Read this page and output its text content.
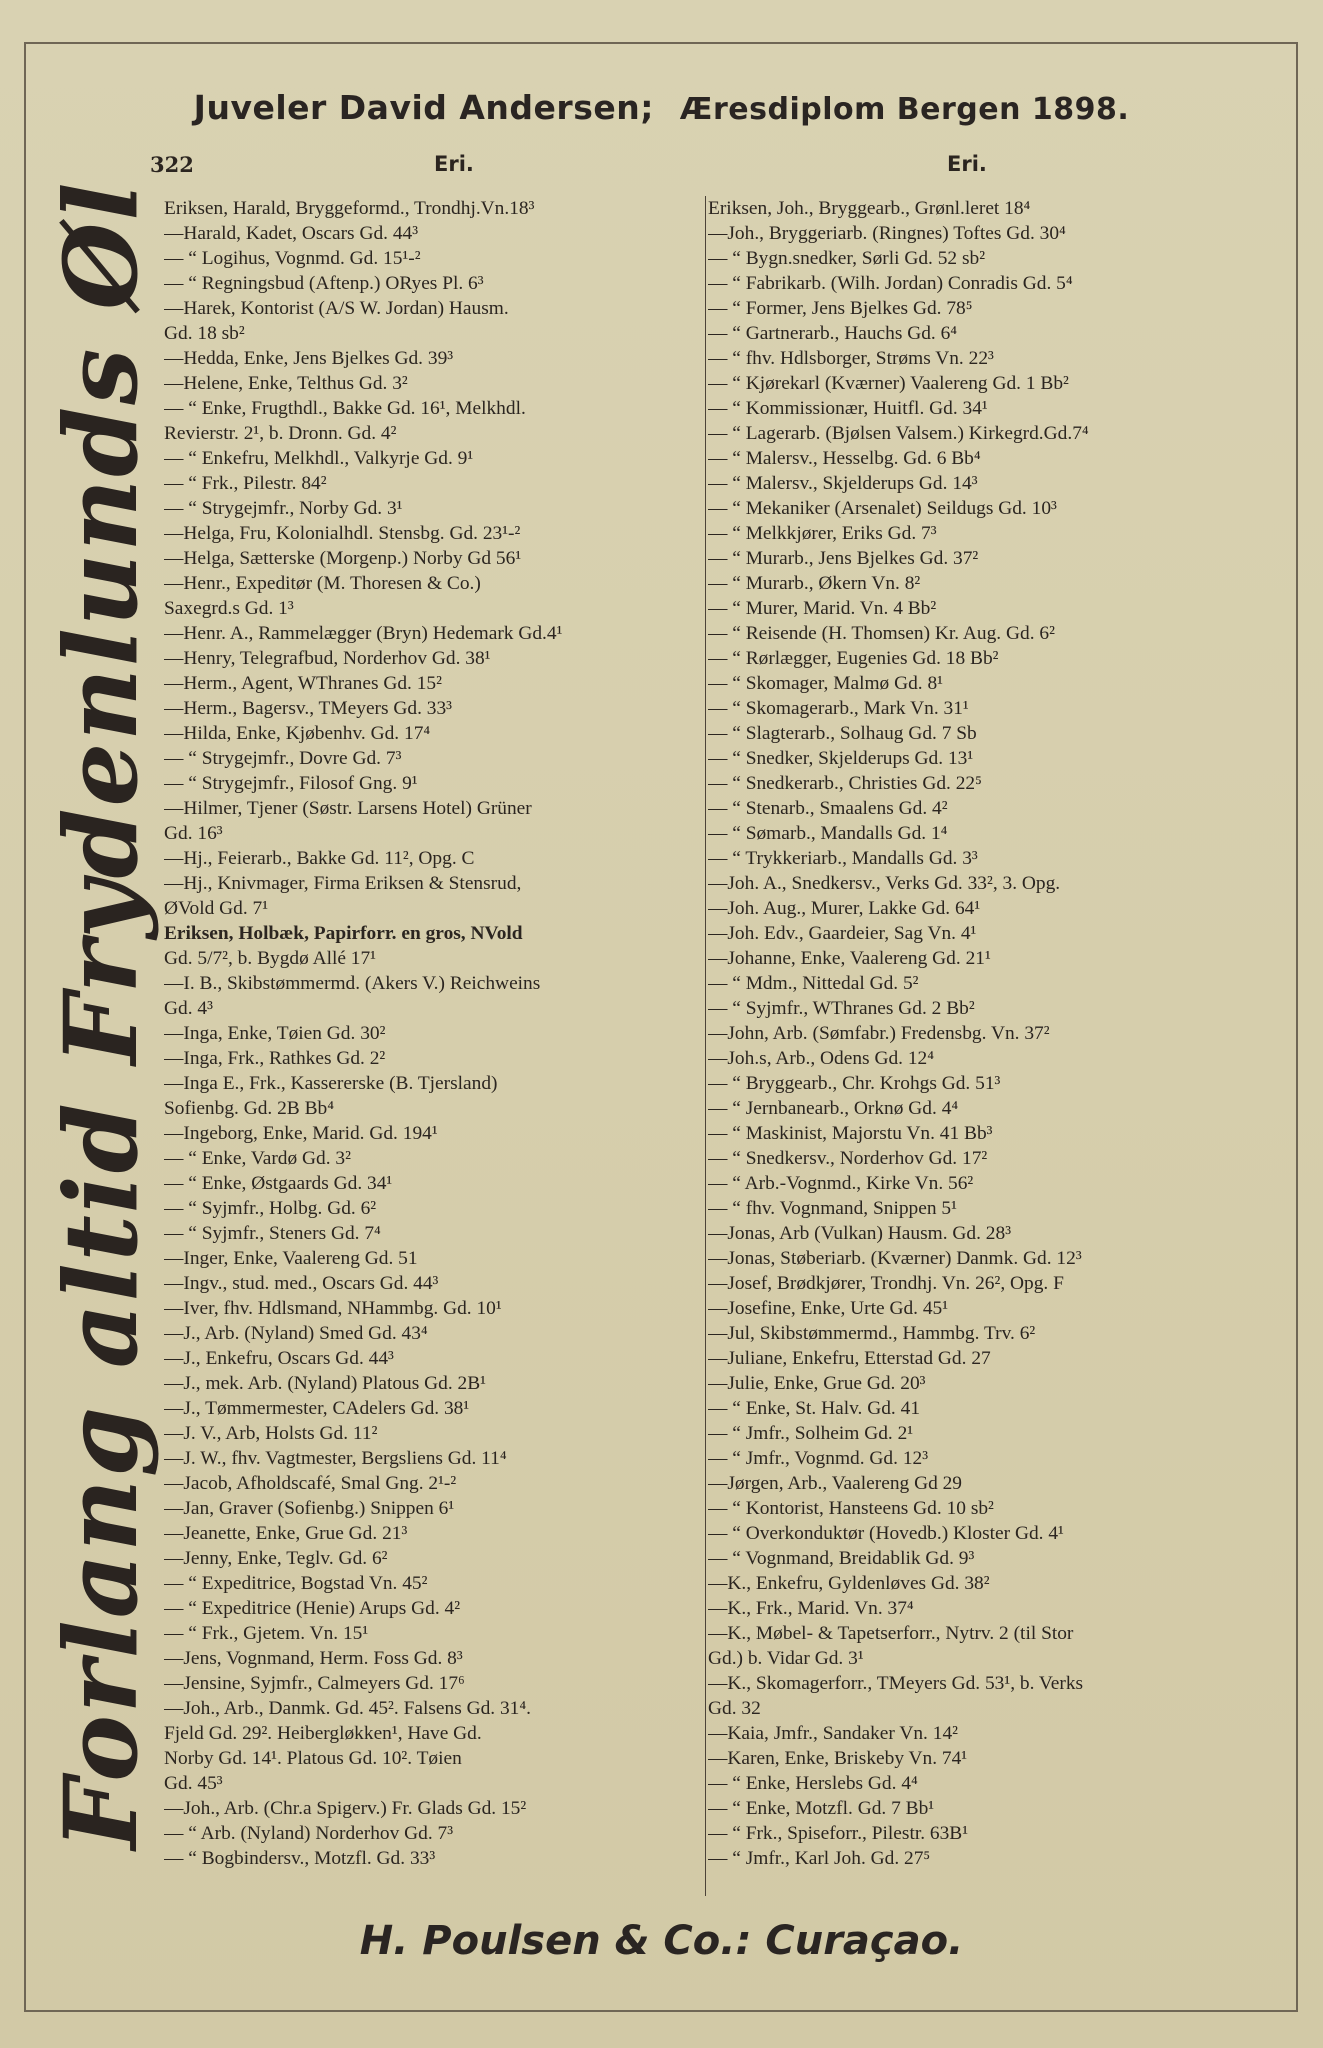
Juveler David Andersen; Æresdiplom Bergen 1898.
322	Eri.	Eri.
Forlang altid Frydenlunds Øl Eriksen, Harald, Bryggeformd., Trondhj.Vn.18³
—Harald, Kadet, Oscars Gd. 44³
— “ Logihus, Vognmd. Gd. 15¹-²
— “ Regningsbud (Aftenp.) ORyes Pl. 6³
—Harek, Kontorist (A/S W. Jordan) Hausm.
Gd. 18 sb²
—Hedda, Enke, Jens Bjelkes Gd. 39³
—Helene, Enke, Telthus Gd. 3²
— “ Enke, Frugthdl., Bakke Gd. 16¹, Melkhdl.
Revierstr. 2¹, b. Dronn. Gd. 4²
— “ Enkefru, Melkhdl., Valkyrje Gd. 9¹
— “ Frk., Pilestr. 84²
— “ Strygejmfr., Norby Gd. 3¹
—Helga, Fru, Kolonialhdl. Stensbg. Gd. 23¹-²
—Helga, Sætterske (Morgenp.) Norby Gd 56¹
—Henr., Expeditør (M. Thoresen & Co.)
Saxegrd.s Gd. 1³
—Henr. A., Rammelægger (Bryn) Hedemark Gd.4¹
—Henry, Telegrafbud, Norderhov Gd. 38¹
—Herm., Agent, WThranes Gd. 15²
—Herm., Bagersv., TMeyers Gd. 33³
—Hilda, Enke, Kjøbenhv. Gd. 17⁴
— “ Strygejmfr., Dovre Gd. 7³
— “ Strygejmfr., Filosof Gng. 9¹
—Hilmer, Tjener (Søstr. Larsens Hotel) Grüner
Gd. 16³
—Hj., Feierarb., Bakke Gd. 11², Opg. C
—Hj., Knivmager, Firma Eriksen & Stensrud,
ØVold Gd. 7¹
Eriksen, Holbæk, Papirforr. en gros, NVold
Gd. 5/7², b. Bygdø Allé 17¹
—I. B., Skibstømmermd. (Akers V.) Reichweins
Gd. 4³
—Inga, Enke, Tøien Gd. 30²
—Inga, Frk., Rathkes Gd. 2²
—Inga E., Frk., Kassererske (B. Tjersland)
Sofienbg. Gd. 2B Bb⁴
—Ingeborg, Enke, Marid. Gd. 194¹
— “ Enke, Vardø Gd. 3²
— “ Enke, Østgaards Gd. 34¹
— “ Syjmfr., Holbg. Gd. 6²
— “ Syjmfr., Steners Gd. 7⁴
—Inger, Enke, Vaalereng Gd. 51
—Ingv., stud. med., Oscars Gd. 44³
—Iver, fhv. Hdlsmand, NHammbg. Gd. 10¹
—J., Arb. (Nyland) Smed Gd. 43⁴
—J., Enkefru, Oscars Gd. 44³
—J., mek. Arb. (Nyland) Platous Gd. 2B¹
—J., Tømmermester, CAdelers Gd. 38¹
—J. V., Arb, Holsts Gd. 11²
—J. W., fhv. Vagtmester, Bergsliens Gd. 11⁴
—Jacob, Afholdscafé, Smal Gng. 2¹-²
—Jan, Graver (Sofienbg.) Snippen 6¹
—Jeanette, Enke, Grue Gd. 21³
—Jenny, Enke, Teglv. Gd. 6²
— “ Expeditrice, Bogstad Vn. 45²
— “ Expeditrice (Henie) Arups Gd. 4²
— “ Frk., Gjetem. Vn. 15¹
—Jens, Vognmand, Herm. Foss Gd. 8³
—Jensine, Syjmfr., Calmeyers Gd. 17⁶
—Joh., Arb., Danmk. Gd. 45². Falsens Gd. 31⁴.
Fjeld Gd. 29². Heibergløkken¹, Have Gd.
Norby Gd. 14¹. Platous Gd. 10². Tøien
Gd. 45³
—Joh., Arb. (Chr.a Spigerv.) Fr. Glads Gd. 15²
— “ Arb. (Nyland) Norderhov Gd. 7³
— “ Bogbindersv., Motzfl. Gd. 33³
Eriksen, Joh., Bryggearb., Grønl.leret 18⁴
—Joh., Bryggeriarb. (Ringnes) Toftes Gd. 30⁴
— “ Bygn.snedker, Sørli Gd. 52 sb²
— “ Fabrikarb. (Wilh. Jordan) Conradis Gd. 5⁴
— “ Former, Jens Bjelkes Gd. 78⁵
— “ Gartnerarb., Hauchs Gd. 6⁴
— “ fhv. Hdlsborger, Strøms Vn. 22³
— “ Kjørekarl (Kværner) Vaalereng Gd. 1 Bb²
— “ Kommissionær, Huitfl. Gd. 34¹
— “ Lagerarb. (Bjølsen Valsem.) Kirkegrd.Gd.7⁴
— “ Malersv., Hesselbg. Gd. 6 Bb⁴
— “ Malersv., Skjelderups Gd. 14³
— “ Mekaniker (Arsenalet) Seildugs Gd. 10³
— “ Melkkjører, Eriks Gd. 7³
— “ Murarb., Jens Bjelkes Gd. 37²
— “ Murarb., Økern Vn. 8²
— “ Murer, Marid. Vn. 4 Bb²
— “ Reisende (H. Thomsen) Kr. Aug. Gd. 6²
— “ Rørlægger, Eugenies Gd. 18 Bb²
— “ Skomager, Malmø Gd. 8¹
— “ Skomagerarb., Mark Vn. 31¹
— “ Slagterarb., Solhaug Gd. 7 Sb
— “ Snedker, Skjelderups Gd. 13¹
— “ Snedkerarb., Christies Gd. 22⁵
— “ Stenarb., Smaalens Gd. 4²
— “ Sømarb., Mandalls Gd. 1⁴
— “ Trykkeriarb., Mandalls Gd. 3³
—Joh. A., Snedkersv., Verks Gd. 33², 3. Opg.
—Joh. Aug., Murer, Lakke Gd. 64¹
—Joh. Edv., Gaardeier, Sag Vn. 4¹
—Johanne, Enke, Vaalereng Gd. 21¹
— “ Mdm., Nittedal Gd. 5²
— “ Syjmfr., WThranes Gd. 2 Bb²
—John, Arb. (Sømfabr.) Fredensbg. Vn. 37²
—Joh.s, Arb., Odens Gd. 12⁴
— “ Bryggearb., Chr. Krohgs Gd. 51³
— “ Jernbanearb., Orknø Gd. 4⁴
— “ Maskinist, Majorstu Vn. 41 Bb³
— “ Snedkersv., Norderhov Gd. 17²
— “ Arb.-Vognmd., Kirke Vn. 56²
— “ fhv. Vognmand, Snippen 5¹
—Jonas, Arb (Vulkan) Hausm. Gd. 28³
—Jonas, Støberiarb. (Kværner) Danmk. Gd. 12³
—Josef, Brødkjører, Trondhj. Vn. 26², Opg. F
—Josefine, Enke, Urte Gd. 45¹
—Jul, Skibstømmermd., Hammbg. Trv. 6²
—Juliane, Enkefru, Etterstad Gd. 27
—Julie, Enke, Grue Gd. 20³
— “ Enke, St. Halv. Gd. 41
— “ Jmfr., Solheim Gd. 2¹
— “ Jmfr., Vognmd. Gd. 12³
—Jørgen, Arb., Vaalereng Gd 29
— “ Kontorist, Hansteens Gd. 10 sb²
— “ Overkonduktør (Hovedb.) Kloster Gd. 4¹
— “ Vognmand, Breidablik Gd. 9³
—K., Enkefru, Gyldenløves Gd. 38²
—K., Frk., Marid. Vn. 37⁴
—K., Møbel- & Tapetserforr., Nytrv. 2 (til Stor
Gd.) b. Vidar Gd. 3¹
—K., Skomagerforr., TMeyers Gd. 53¹, b. Verks
Gd. 32
—Kaia, Jmfr., Sandaker Vn. 14²
—Karen, Enke, Briskeby Vn. 74¹
— “ Enke, Herslebs Gd. 4⁴
— “ Enke, Motzfl. Gd. 7 Bb¹
— “ Frk., Spiseforr., Pilestr. 63B¹
— “ Jmfr., Karl Joh. Gd. 27⁵
H. Poulsen & Co.: Curaçao.
